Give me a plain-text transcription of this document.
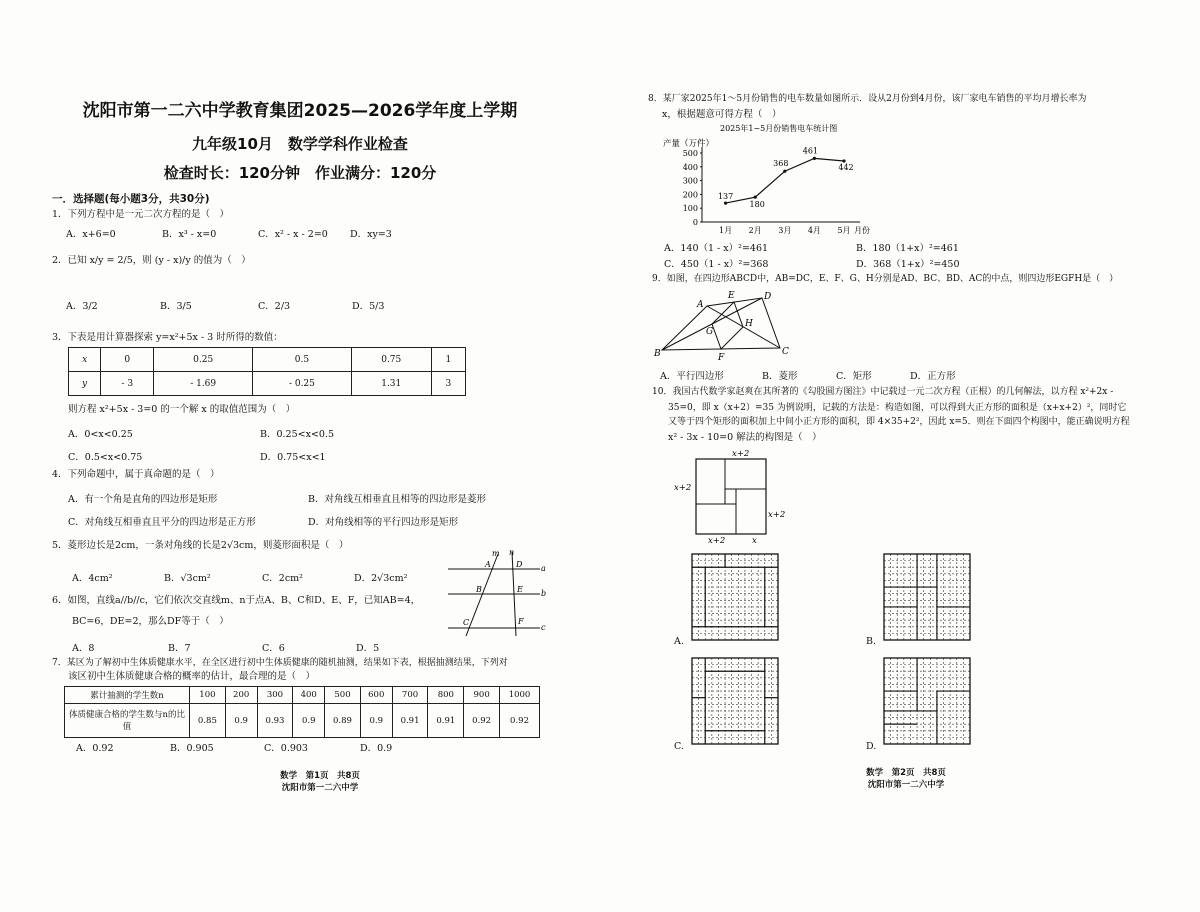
沈阳市第一二六中学教育集团2025—2026学年度上学期
九年级10月　数学学科作业检查
检查时长：120分钟　作业满分：120分
一．选择题(每小题3分，共30分)
1．下列方程中是一元二次方程的是（　）
A．x+6=0	B．x³ - x=0	C．x² - x - 2=0 D．xy=3
2．已知 x/y = 2/5，则 (y - x)/y 的值为（　）
A．3/2	B．3/5	C．2/3	D．5/3
3．下表是用计算器探索 y=x²+5x - 3 时所得的数值：
x	0	0.25	0.5	0.75	1
y	- 3	- 1.69	- 0.25	1.31	3
则方程 x²+5x - 3=0 的一个解 x 的取值范围为（　）
A．0<x<0.25	B．0.25<x<0.5
C．0.5<x<0.75	D．0.75<x<1
4．下列命题中，属于真命题的是（　）
A．有一个角是直角的四边形是矩形	B．对角线互相垂直且相等的四边形是菱形
C．对角线互相垂直且平分的四边形是正方形	D．对角线相等的平行四边形是矩形
5．菱形边长是2cm，一条对角线的长是2√3cm，则菱形面积是（　）
A．4cm²	B．√3cm²	C．2cm²	D．2√3cm²
6．如图，直线a//b//c，它们依次交直线m、n于点A、B、C和D、E、F，已知AB=4，
BC=6，DE=2，那么DF等于（　）
A．8	B．7	C．6	D．5
m n
a
b
c
A
B
C
D
E
F
7．某区为了解初中生体质健康水平，在全区进行初中生体质健康的随机抽测，结果如下表，根据抽测结果，下列对
该区初中生体质健康合格的概率的估计，最合理的是（　）
累计抽测的学生数n	100	200	300	400	500	600	700	800	900	1000
体质健康合格的学生数与n的比值	0.85	0.9	0.93	0.9	0.89	0.9	0.91	0.91	0.92	0.92
A．0.92	B．0.905	C．0.903	D．0.9
数学　第1页　共8页
沈阳市第一二六中学
8．某厂家2025年1～5月份销售的电车数量如图所示．设从2月份到4月份，该厂家电车销售的平均月增长率为
x，根据题意可得方程（　）
2025年1~5月份销售电车统计图
产量（万件）
0
100
200
300
400
500
1月 2月 3月 4月 5月 月份
137
180
368
461
442
A．140（1 - x）²=461	B．180（1+x）²=461
C．450（1 - x）²=368	D．368（1+x）²=450
9．如图，在四边形ABCD中，AB=DC，E、F、G、H分别是AD、BC、BD、AC的中点，则四边形EGFH是（　）
A
B	C
D
E
F
G
H
A．平行四边形	B．菱形	C．矩形	D．正方形
10．我国古代数学家赵爽在其所著的《勾股圆方图注》中记载过一元二次方程（正根）的几何解法，以方程 x²+2x -
35=0，即 x（x+2）=35 为例说明，记载的方法是：构造如图，可以得到大正方形的面积是（x+x+2）²，同时它
又等于四个矩形的面积加上中间小正方形的面积，即 4×35+2²，因此 x=5．则在下面四个构图中，能正确说明方程
x² - 3x - 10=0 解法的构图是（　）
x+2
x+2
x+2
x+2	x
A.	B.
C.	D.
数学　第2页　共8页
沈阳市第一二六中学
